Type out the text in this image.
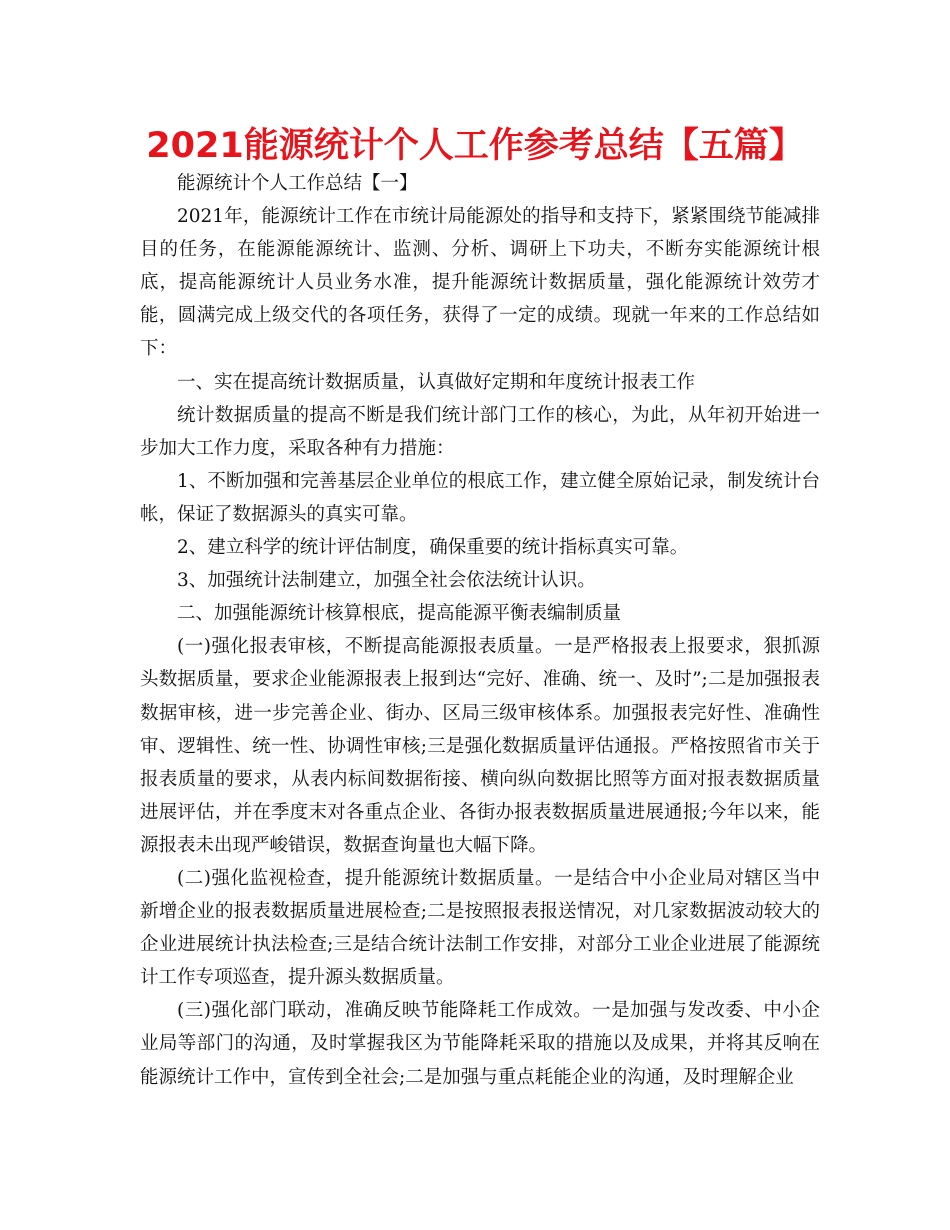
2021能源统计个人工作参考总结【五篇】

能源统计个人工作总结【一】

2021年，能源统计工作在市统计局能源处的指导和支持下，紧紧围绕节能减排目的任务，在能源能源统计、监测、分析、调研上下功夫，不断夯实能源统计根底，提高能源统计人员业务水准，提升能源统计数据质量，强化能源统计效劳才能，圆满完成上级交代的各项任务，获得了一定的成绩。现就一年来的工作总结如下：

一、实在提高统计数据质量，认真做好定期和年度统计报表工作

统计数据质量的提高不断是我们统计部门工作的核心，为此，从年初开始进一步加大工作力度，采取各种有力措施：

1、不断加强和完善基层企业单位的根底工作，建立健全原始记录，制发统计台帐，保证了数据源头的真实可靠。

2、建立科学的统计评估制度，确保重要的统计指标真实可靠。

3、加强统计法制建立，加强全社会依法统计认识。

二、加强能源统计核算根底，提高能源平衡表编制质量

(一)强化报表审核，不断提高能源报表质量。一是严格报表上报要求，狠抓源头数据质量，要求企业能源报表上报到达“完好、准确、统一、及时”;二是加强报表数据审核，进一步完善企业、街办、区局三级审核体系。加强报表完好性、准确性审、逻辑性、统一性、协调性审核;三是强化数据质量评估通报。严格按照省市关于报表质量的要求，从表内标间数据衔接、横向纵向数据比照等方面对报表数据质量进展评估，并在季度末对各重点企业、各街办报表数据质量进展通报;今年以来，能源报表未出现严峻错误，数据查询量也大幅下降。

(二)强化监视检查，提升能源统计数据质量。一是结合中小企业局对辖区当中新增企业的报表数据质量进展检查;二是按照报表报送情况，对几家数据波动较大的企业进展统计执法检查;三是结合统计法制工作安排，对部分工业企业进展了能源统计工作专项巡查，提升源头数据质量。

(三)强化部门联动，准确反映节能降耗工作成效。一是加强与发改委、中小企业局等部门的沟通，及时掌握我区为节能降耗采取的措施以及成果，并将其反响在能源统计工作中，宣传到全社会;二是加强与重点耗能企业的沟通，及时理解企业
